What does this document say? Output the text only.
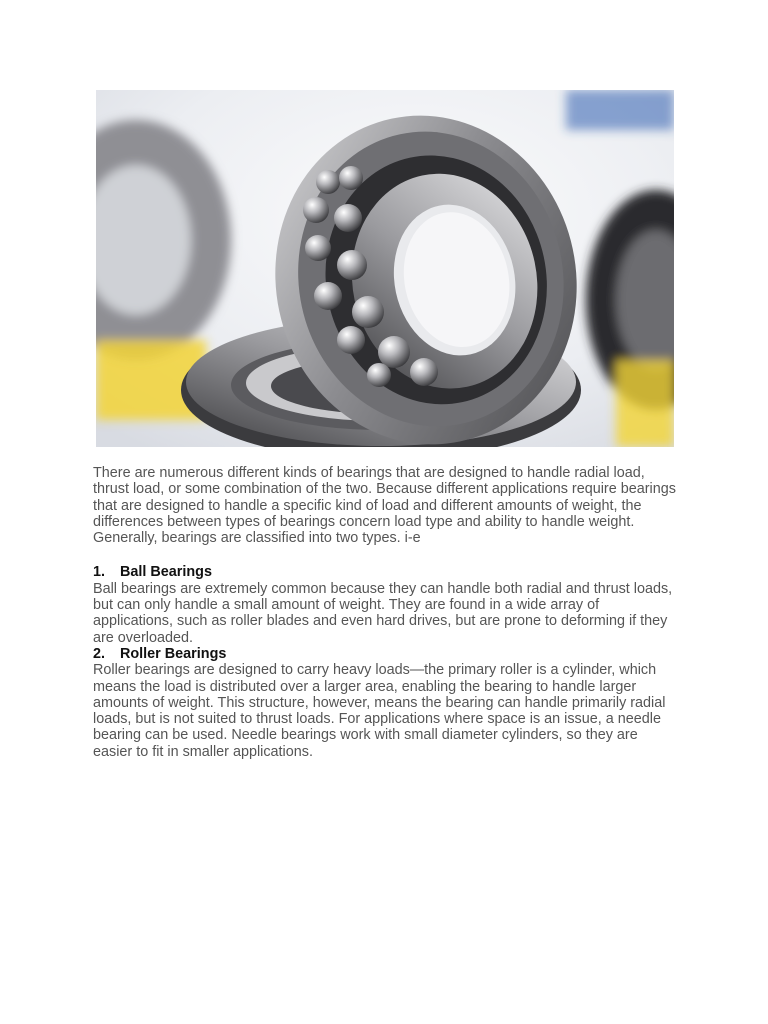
There are numerous different kinds of bearings that are designed to handle radial load, thrust load, or some combination of the two. Because different applications require bearings that are designed to handle a specific kind of load and different amounts of weight, the differences between types of bearings concern load type and ability to handle weight. Generally, bearings are classified into two types. i-e

1. Ball Bearings

Ball bearings are extremely common because they can handle both radial and thrust loads, but can only handle a small amount of weight. They are found in a wide array of applications, such as roller blades and even hard drives, but are prone to deforming if they are overloaded.

2. Roller Bearings

Roller bearings are designed to carry heavy loads—the primary roller is a cylinder, which means the load is distributed over a larger area, enabling the bearing to handle larger amounts of weight. This structure, however, means the bearing can handle primarily radial loads, but is not suited to thrust loads. For applications where space is an issue, a needle bearing can be used. Needle bearings work with small diameter cylinders, so they are easier to fit in smaller applications.
